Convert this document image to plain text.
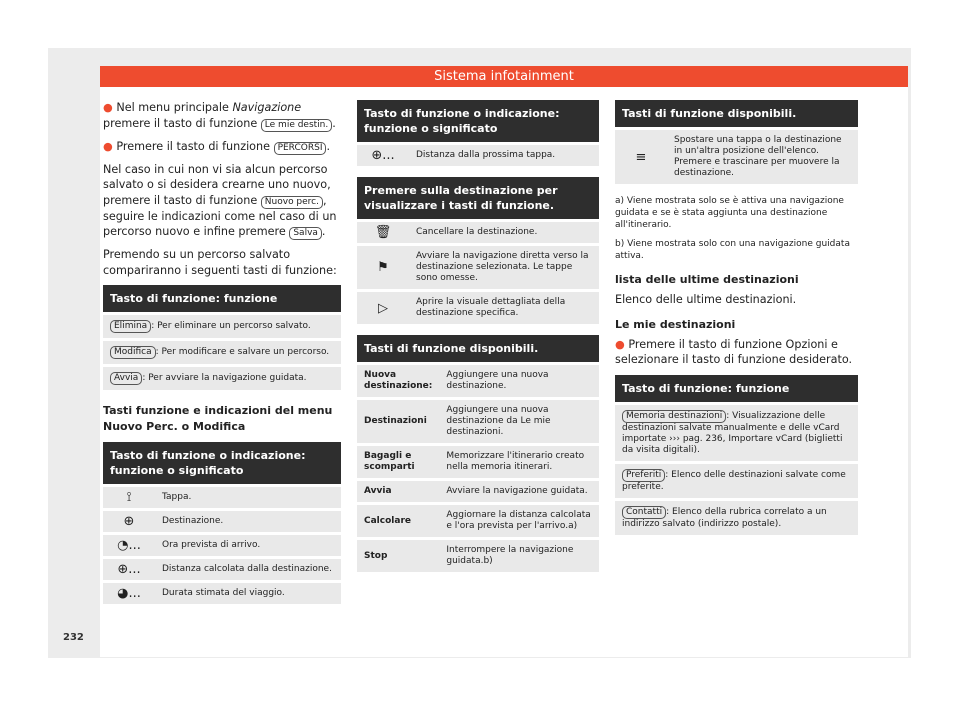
Sistema infotainment
232

● Nel menu principale Navigazione premere il tasto di funzione Le mie destin. .

● Premere il tasto di funzione PERCORSI .

Nel caso in cui non vi sia alcun percorso salvato o si desidera crearne uno nuovo, premere il tasto di funzione Nuovo perc. , seguire le indicazioni come nel caso di un percorso nuovo e infine premere Salva .

Premendo su un percorso salvato compariranno i seguenti tasti di funzione:

Tasto di funzione: funzione
Elimina : Per eliminare un percorso salvato.
Modifica : Per modificare e salvare un percorso.
Avvia : Per avviare la navigazione guidata.
Tasti funzione e indicazioni del menu Nuovo Perc. o Modifica
Tasto di funzione o indicazione: funzione o significato	
⟟	Tappa.
⊕	Destinazione.
◔...	Ora prevista di arrivo.
⊕...	Distanza calcolata dalla destinazione.
◕...	Durata stimata del viaggio.
Tasto di funzione o indicazione: funzione o significato
⊕...	Distanza dalla prossima tappa.
Premere sulla destinazione per visualizzare i tasti di funzione.	
🗑	Cancellare la destinazione.
⚑	Avviare la navigazione diretta verso la destinazione selezionata. Le tappe sono omesse.
▷	Aprire la visuale dettagliata della destinazione specifica.
Tasti di funzione disponibili.	
Nuova destinazione:	Aggiungere una nuova destinazione.
Destinazioni	Aggiungere una nuova destinazione da Le mie destinazioni.
Bagagli e scomparti	Memorizzare l'itinerario creato nella memoria itinerari.
Avvia	Avviare la navigazione guidata.
Calcolare	Aggiornare la distanza calcolata e l'ora prevista per l'arrivo.a)
Stop	Interrompere la navigazione guidata.b)
Tasti di funzione disponibili.
≡	Spostare una tappa o la destinazione in un'altra posizione dell'elenco. Premere e trascinare per muovere la destinazione.

a) Viene mostrata solo se è attiva una navigazione guidata e se è stata aggiunta una destinazione all'itinerario.

b) Viene mostrata solo con una navigazione guidata attiva.

lista delle ultime destinazioni

Elenco delle ultime destinazioni.

Le mie destinazioni

● Premere il tasto di funzione Opzioni e selezionare il tasto di funzione desiderato.

Tasto di funzione: funzione
Memoria destinazioni : Visualizzazione delle destinazioni salvate manualmente e delle vCard importate ››› pag. 236, Importare vCard (biglietti da visita digitali).
Preferiti : Elenco delle destinazioni salvate come preferite.
Contatti : Elenco della rubrica correlato a un indirizzo salvato (indirizzo postale).
